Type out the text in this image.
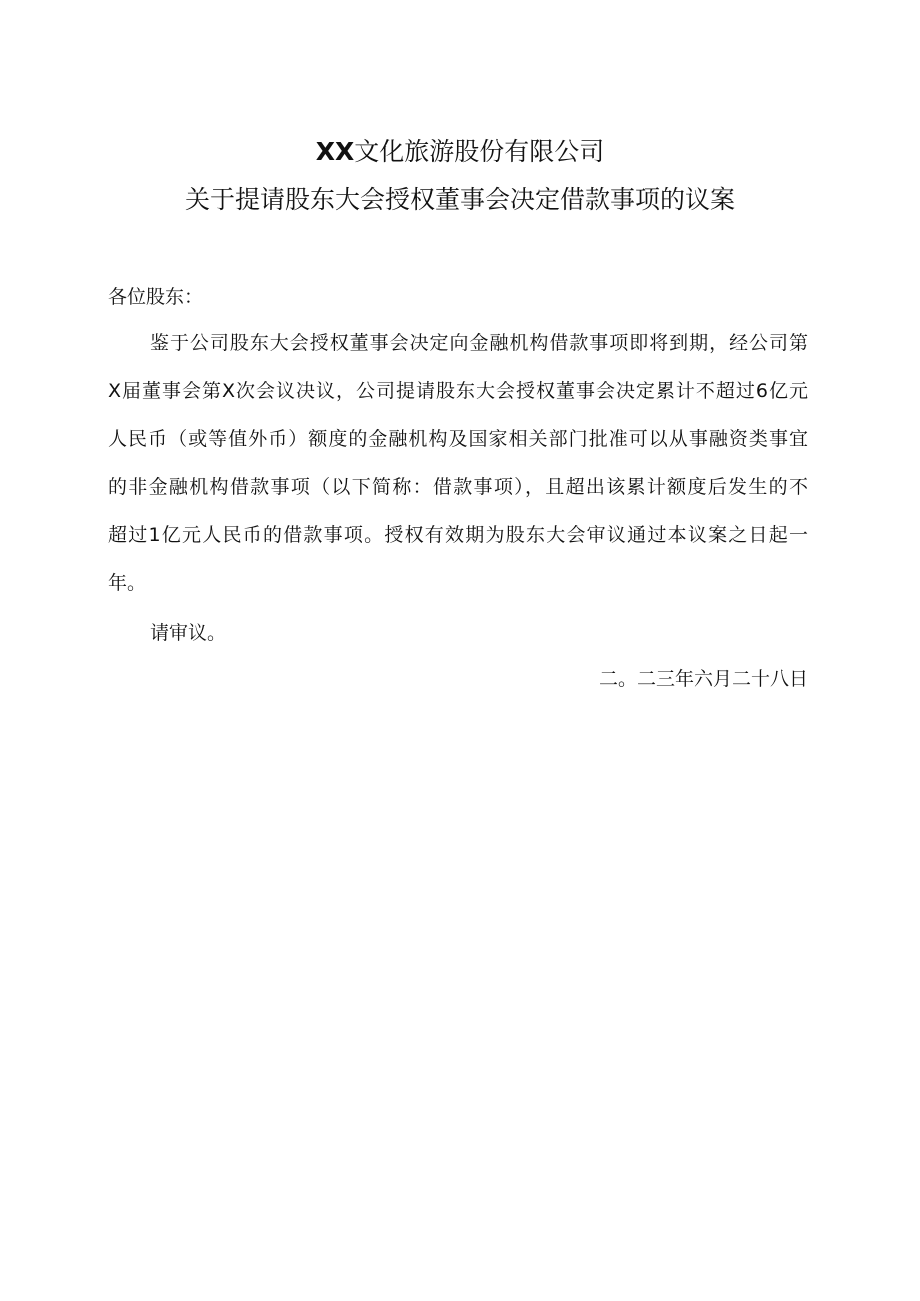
XX文化旅游股份有限公司
关于提请股东大会授权董事会决定借款事项的议案
各位股东：
鉴于公司股东大会授权董事会决定向金融机构借款事项即将到期，经公司第
X届董事会第X次会议决议，公司提请股东大会授权董事会决定累计不超过6亿元
人民币（或等值外币）额度的金融机构及国家相关部门批准可以从事融资类事宜
的非金融机构借款事项（以下简称：借款事项），且超出该累计额度后发生的不
超过1亿元人民币的借款事项。授权有效期为股东大会审议通过本议案之日起一
年。
请审议。
二。二三年六月二十八日
